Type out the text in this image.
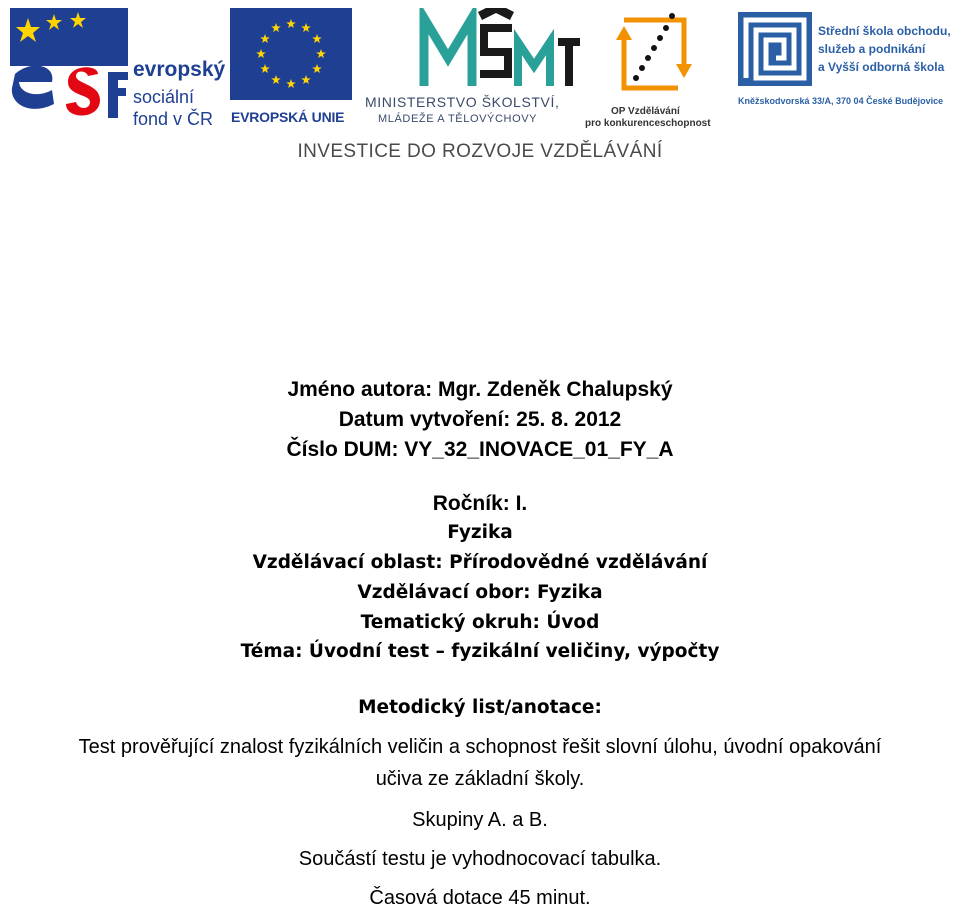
evropský
sociální
fond v ČR EVROPSKÁ UNIE
MINISTERSTVO ŠKOLSTVÍ,
MLÁDEŽE A TĚLOVÝCHOVY
OP Vzdělávání
pro konkurenceschopnost
Střední škola obchodu,
služeb a podnikání
a Vyšší odborná škola
Kněžskodvorská 33/A, 370 04 České Budějovice
INVESTICE DO ROZVOJE VZDĚLÁVÁNÍ
Jméno autora: Mgr. Zdeněk Chalupský
Datum vytvoření: 25. 8. 2012
Číslo DUM: VY_32_INOVACE_01_FY_A
Ročník: I.
Fyzika
Vzdělávací oblast: Přírodovědné vzdělávání
Vzdělávací obor: Fyzika
Tematický okruh: Úvod
Téma: Úvodní test – fyzikální veličiny, výpočty
Metodický list/anotace:
Test prověřující znalost fyzikálních veličin a schopnost řešit slovní úlohu, úvodní opakování
učiva ze základní školy.
Skupiny A. a B.
Součástí testu je vyhodnocovací tabulka.
Časová dotace 45 minut.
